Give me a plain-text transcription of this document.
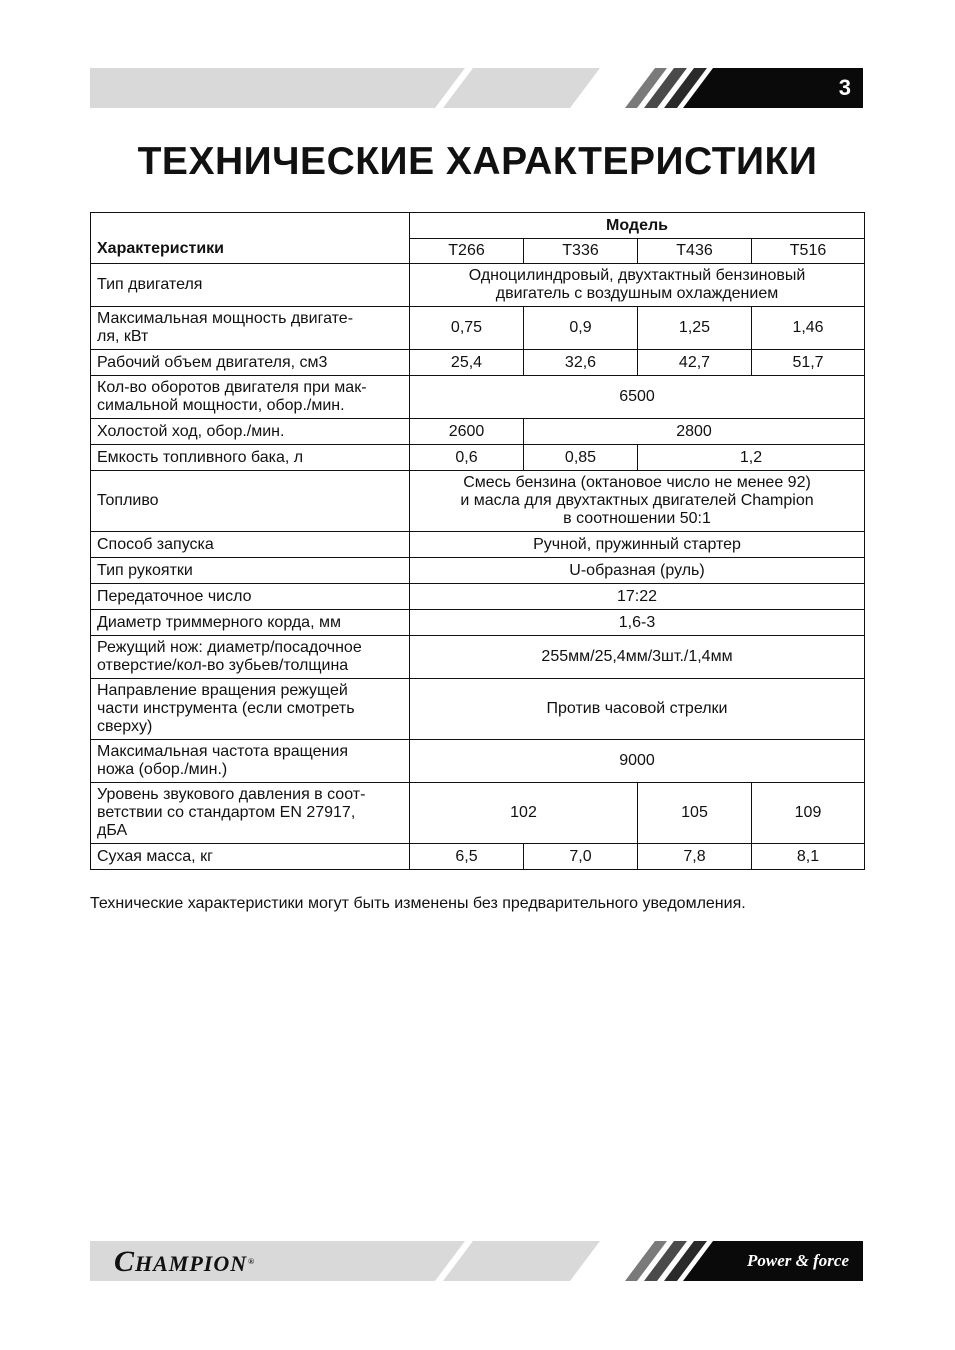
3
ТЕХНИЧЕСКИЕ ХАРАКТЕРИСТИКИ
Характеристики	Модель			
	T266	T336	T436	T516
Тип двигателя	Одноцилиндровый, двухтактный бензиновый
двигатель с воздушным охлаждением			
Максимальная мощность двигате-
ля, кВт	0,75	0,9	1,25	1,46
Рабочий объем двигателя, см3	25,4	32,6	42,7	51,7
Кол-во оборотов двигателя при мак-
симальной мощности, обор./мин.	6500			
Холостой ход, обор./мин.	2600	2800		
Емкость топливного бака, л	0,6	0,85	1,2	
Топливо	Смесь бензина (октановое число не менее 92)
и масла для двухтактных двигателей Champion
в соотношении 50:1			
Способ запуска	Ручной, пружинный стартер			
Тип рукоятки	U-образная (руль)			
Передаточное число	17:22			
Диаметр триммерного корда, мм	1,6-3			
Режущий нож: диаметр/посадочное
отверстие/кол-во зубьев/толщина	255мм/25,4мм/3шт./1,4мм			
Направление вращения режущей
части инструмента (если смотреть
сверху)	Против часовой стрелки			
Максимальная частота вращения
ножа (обор./мин.)	9000			
Уровень звукового давления в соот-
ветствии со стандартом EN 27917,
дБА	102		105	109
Сухая масса, кг	6,5	7,0	7,8	8,1

Технические характеристики могут быть изменены без предварительного уведомления.

CHAMPION®	Power & force
